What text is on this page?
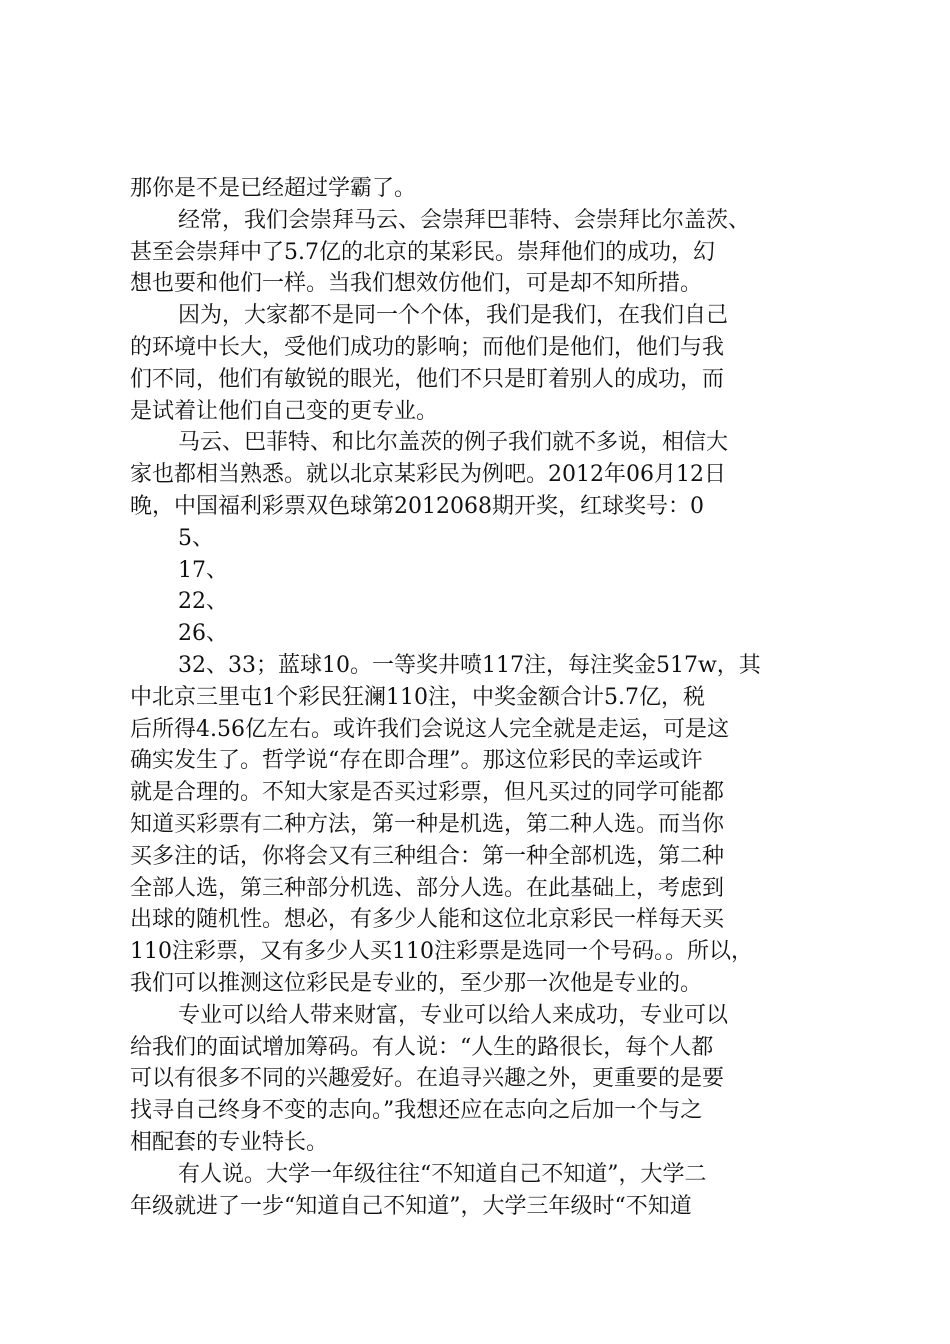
那你是不是已经超过学霸了。
经常，我们会崇拜马云、会崇拜巴菲特、会崇拜比尔盖茨、
甚至会崇拜中了5.7亿的北京的某彩民。崇拜他们的成功，幻
想也要和他们一样。当我们想效仿他们，可是却不知所措。
因为，大家都不是同一个个体，我们是我们，在我们自己
的环境中长大，受他们成功的影响；而他们是他们，他们与我
们不同，他们有敏锐的眼光，他们不只是盯着别人的成功，而
是试着让他们自己变的更专业。
马云、巴菲特、和比尔盖茨的例子我们就不多说，相信大
家也都相当熟悉。就以北京某彩民为例吧。2012年06月12日
晚，中国福利彩票双色球第2012068期开奖，红球奖号：0
5、
17、
22、
26、
32、33；蓝球10。一等奖井喷117注，每注奖金517w，其
中北京三里屯1个彩民狂澜110注，中奖金额合计5.7亿，税
后所得4.56亿左右。或许我们会说这人完全就是走运，可是这
确实发生了。哲学说“存在即合理”。那这位彩民的幸运或许
就是合理的。不知大家是否买过彩票，但凡买过的同学可能都
知道买彩票有二种方法，第一种是机选，第二种人选。而当你
买多注的话，你将会又有三种组合：第一种全部机选，第二种
全部人选，第三种部分机选、部分人选。在此基础上，考虑到
出球的随机性。想必，有多少人能和这位北京彩民一样每天买
110注彩票，又有多少人买110注彩票是选同一个号码。。所以，
我们可以推测这位彩民是专业的，至少那一次他是专业的。
专业可以给人带来财富，专业可以给人来成功，专业可以
给我们的面试增加筹码。有人说：“人生的路很长，每个人都
可以有很多不同的兴趣爱好。在追寻兴趣之外，更重要的是要
找寻自己终身不变的志向。”我想还应在志向之后加一个与之
相配套的专业特长。
有人说。大学一年级往往“不知道自己不知道”，大学二
年级就进了一步“知道自己不知道”，大学三年级时“不知道
